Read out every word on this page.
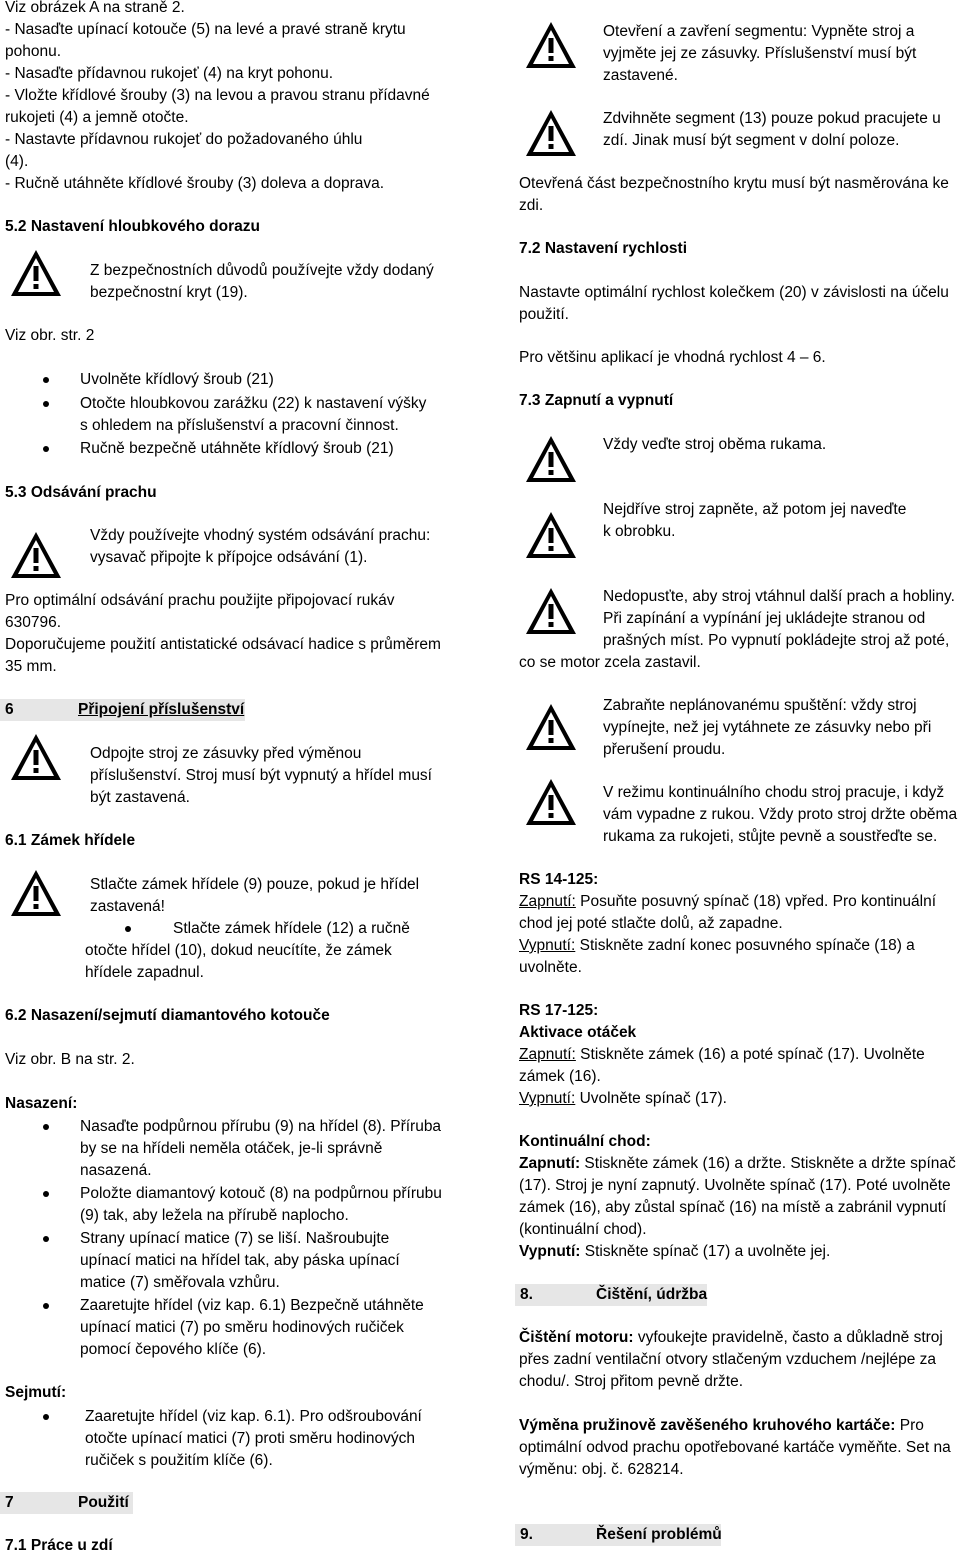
Viz obrázek A na straně 2.
- Nasaďte upínací kotouče (5) na levé a pravé straně krytu
pohonu.
- Nasaďte přídavnou rukojeť (4) na kryt pohonu.
- Vložte křídlové šrouby (3) na levou a pravou stranu přídavné
rukojeti (4) a jemně otočte.
- Nastavte přídavnou rukojeť do požadovaného úhlu
(4).
- Ručně utáhněte křídlové šrouby (3) doleva a doprava.
5.2 Nastavení hloubkového dorazu
Z bezpečnostních důvodů používejte vždy dodaný
bezpečnostní kryt (19).
Viz obr. str. 2
Uvolněte křídlový šroub (21)
Otočte hloubkovou zarážku (22) k nastavení výšky
s ohledem na příslušenství a pracovní činnost.
Ručně bezpečně utáhněte křídlový šroub (21)
5.3 Odsávání prachu
Vždy používejte vhodný systém odsávání prachu:
vysavač připojte k přípojce odsávání (1).
Pro optimální odsávání prachu použijte připojovací rukáv
630796.
Doporučujeme použití antistatické odsávací hadice s průměrem
35 mm.
6	Připojení příslušenství
Odpojte stroj ze zásuvky před výměnou
příslušenství. Stroj musí být vypnutý a hřídel musí
být zastavená.
6.1 Zámek hřídele
Stlačte zámek hřídele (9) pouze, pokud je hřídel
zastavená!
Stlačte zámek hřídele (12) a ručně
otočte hřídel (10), dokud neucítíte, že zámek
hřídele zapadnul.
6.2 Nasazení/sejmutí diamantového kotouče
Viz obr. B na str. 2.
Nasazení:
Nasaďte podpůrnou přírubu (9) na hřídel (8). Příruba
by se na hřídeli neměla otáček, je-li správně
nasazená.
Položte diamantový kotouč (8) na podpůrnou přírubu
(9) tak, aby ležela na přírubě naplocho.
Strany upínací matice (7) se liší. Našroubujte
upínací matici na hřídel tak, aby páska upínací
matice (7) směřovala vzhůru.
Zaaretujte hřídel (viz kap. 6.1) Bezpečně utáhněte
upínací matici (7) po směru hodinových ručiček
pomocí čepového klíče (6).
Sejmutí:
Zaaretujte hřídel (viz kap. 6.1). Pro odšroubování
otočte upínací matici (7) proti směru hodinových
ručiček s použitím klíče (6).
7	Použití
7.1 Práce u zdí
Otevření a zavření segmentu: Vypněte stroj a
vyjměte jej ze zásuvky. Příslušenství musí být
zastavené.
Zdvihněte segment (13) pouze pokud pracujete u
zdí. Jinak musí být segment v dolní poloze.
Otevřená část bezpečnostního krytu musí být nasměrována ke
zdi.
7.2 Nastavení rychlosti
Nastavte optimální rychlost kolečkem (20) v závislosti na účelu
použití.
Pro většinu aplikací je vhodná rychlost 4 – 6.
7.3 Zapnutí a vypnutí
Vždy veďte stroj oběma rukama.
Nejdříve stroj zapněte, až potom jej naveďte
k obrobku.
Nedopusťte, aby stroj vtáhnul další prach a hobliny.
Při zapínání a vypínání jej ukládejte stranou od
prašných míst. Po vypnutí pokládejte stroj až poté,
co se motor zcela zastavil.
Zabraňte neplánovanému spuštění: vždy stroj
vypínejte, než jej vytáhnete ze zásuvky nebo při
přerušení proudu.
V režimu kontinuálního chodu stroj pracuje, i když
vám vypadne z rukou. Vždy proto stroj držte oběma
rukama za rukojeti, stůjte pevně a soustřeďte se.
RS 14-125:
Zapnutí: Posuňte posuvný spínač (18) vpřed. Pro kontinuální
chod jej poté stlačte dolů, až zapadne.
Vypnutí: Stiskněte zadní konec posuvného spínače (18) a
uvolněte.
RS 17-125:
Aktivace otáček
Zapnutí: Stiskněte zámek (16) a poté spínač (17). Uvolněte
zámek (16).
Vypnutí: Uvolněte spínač (17).
Kontinuální chod:
Zapnutí: Stiskněte zámek (16) a držte. Stiskněte a držte spínač
(17). Stroj je nyní zapnutý. Uvolněte spínač (17). Poté uvolněte
zámek (16), aby zůstal spínač (16) na místě a zabránil vypnutí
(kontinuální chod).
Vypnutí: Stiskněte spínač (17) a uvolněte jej.
8.	Čištění, údržba
Čištění motoru: vyfoukejte pravidelně, často a důkladně stroj
přes zadní ventilační otvory stlačeným vzduchem /nejlépe za
chodu/. Stroj přitom pevně držte.
Výměna pružinově zavěšeného kruhového kartáče: Pro
optimální odvod prachu opotřebované kartáče vyměňte. Set na
výměnu: obj. č. 628214.
9.	Řešení problémů
